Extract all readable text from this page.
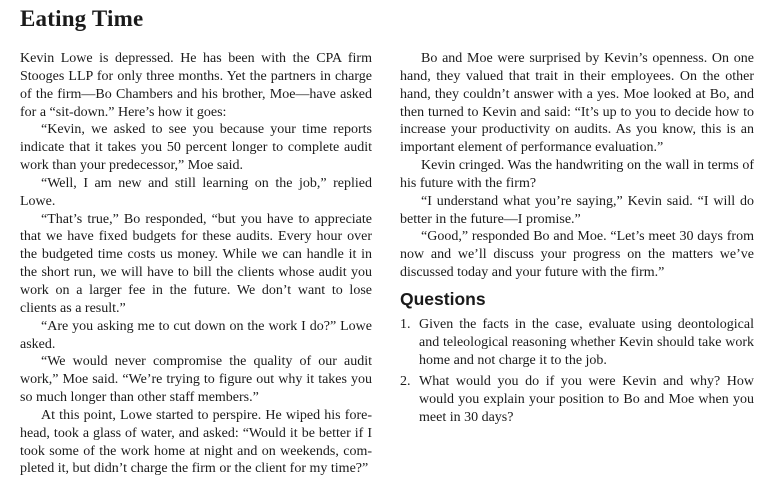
Eating Time

Kevin Lowe is depressed. He has been with the CPA firm Stooges LLP for only three months. Yet the partners in charge of the firm—Bo Chambers and his brother, Moe—have asked for a “sit-down.” Here’s how it goes:

“Kevin, we asked to see you because your time reports indicate that it takes you 50 percent longer to complete audit work than your predecessor,” Moe said.

“Well, I am new and still learning on the job,” replied Lowe.

“That’s true,” Bo responded, “but you have to appreciate that we have fixed budgets for these audits. Every hour over the budgeted time costs us money. While we can handle it in the short run, we will have to bill the clients whose audit you work on a larger fee in the future. We don’t want to lose clients as a result.”

“Are you asking me to cut down on the work I do?” Lowe asked.

“We would never compromise the quality of our audit work,” Moe said. “We’re trying to figure out why it takes you so much longer than other staff members.”

At this point, Lowe started to perspire. He wiped his forehead, took a glass of water, and asked: “Would it be better if I took some of the work home at night and on weekends, completed it, but didn’t charge the firm or the client for my time?”

Bo and Moe were surprised by Kevin’s openness. On one hand, they valued that trait in their employees. On the other hand, they couldn’t answer with a yes. Moe looked at Bo, and then turned to Kevin and said: “It’s up to you to decide how to increase your productivity on audits. As you know, this is an important element of performance evaluation.”

Kevin cringed. Was the handwriting on the wall in terms of his future with the firm?

“I understand what you’re saying,” Kevin said. “I will do better in the future—I promise.”

“Good,” responded Bo and Moe. “Let’s meet 30 days from now and we’ll discuss your progress on the matters we’ve discussed today and your future with the firm.”

Questions
1. Given the facts in the case, evaluate using deontological and teleological reasoning whether Kevin should take work home and not charge it to the job.
2. What would you do if you were Kevin and why? How would you explain your position to Bo and Moe when you meet in 30 days?
